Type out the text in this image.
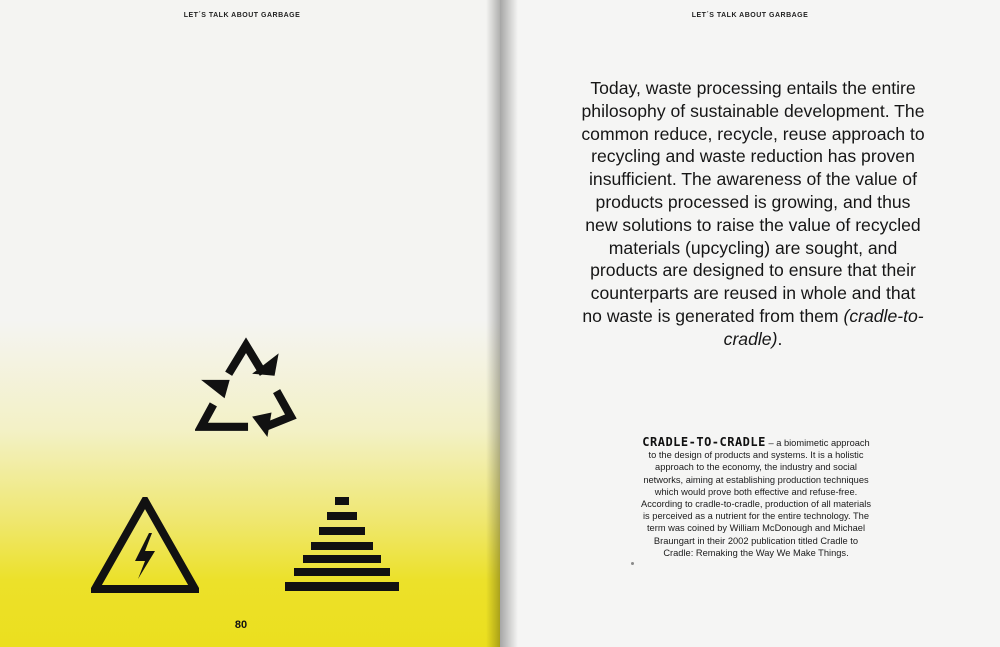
LET´S TALK ABOUT GARBAGE
80
LET´S TALK ABOUT GARBAGE

Today, waste processing entails the entire philosophy of sustainable development. The common reduce, recycle, reuse approach to recycling and waste reduction has proven insufficient. The awareness of the value of products processed is growing, and thus new solutions to raise the value of recycled materials (upcycling) are sought, and products are designed to ensure that their counterparts are reused in whole and that no waste is generated from them (cradle-to-cradle).

CRADLE-TO-CRADLE – a biomimetic approach to the design of products and systems. It is a holistic approach to the economy, the industry and social networks, aiming at establishing production techniques which would prove both effective and refuse-free. According to cradle-to-cradle, production of all materials is perceived as a nutrient for the entire technology. The term was coined by William McDonough and Michael Braungart in their 2002 publication titled Cradle to Cradle: Remaking the Way We Make Things.
